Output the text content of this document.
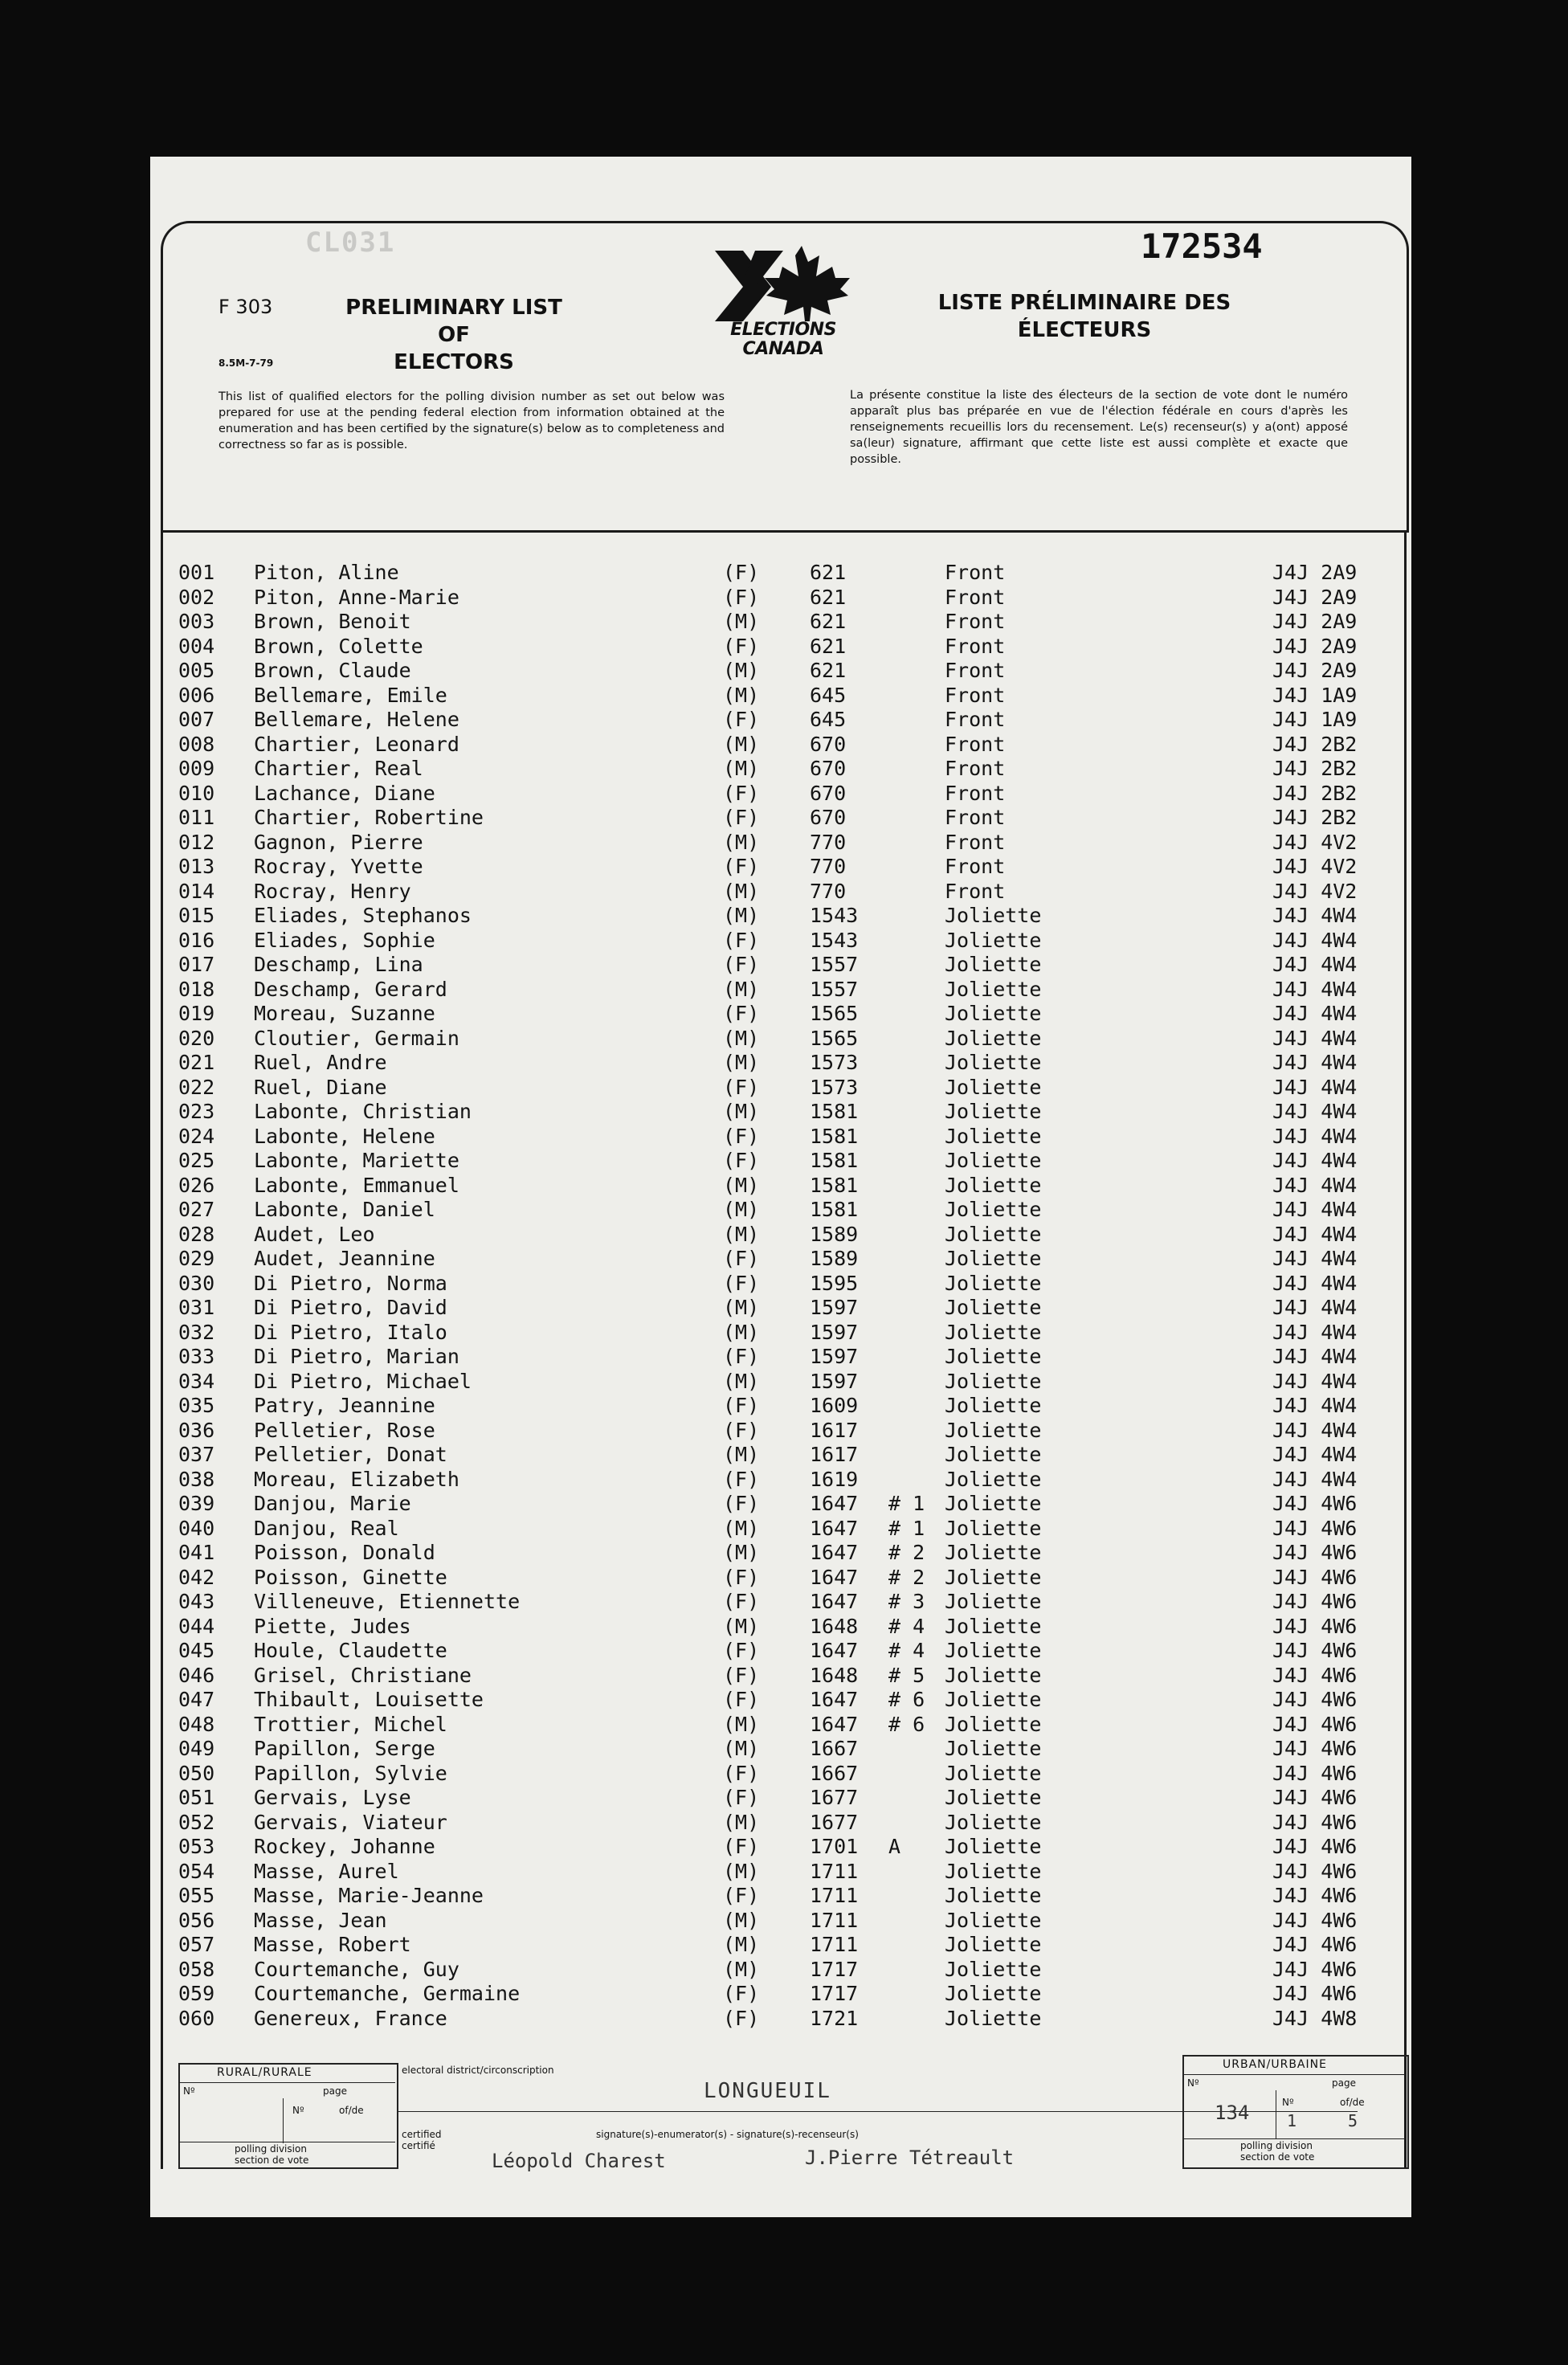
CL031	172534
F 303
8.5M-7-79
PRELIMINARY LIST OF
ELECTORS
ELECTIONS
CANADA
LISTE PRÉLIMINAIRE DES
ÉLECTEURS

This list of qualified electors for the polling division number as set out below was prepared for use at the pending federal election from information obtained at the enumeration and has been certified by the signature(s) below as to completeness and correctness so far as is possible.

La présente constitue la liste des électeurs de la section de vote dont le numéro apparaît plus bas préparée en vue de l'élection fédérale en cours d'après les renseignements recueillis lors du recensement. Le(s) recenseur(s) y a(ont) apposé sa(leur) signature, affirmant que cette liste est aussi complète et exacte que possible.

001 Piton, Aline	(F)	621	Front	J4J 2A9
002 Piton, Anne-Marie	(F)	621	Front	J4J 2A9
003 Brown, Benoit	(M)	621	Front	J4J 2A9
004 Brown, Colette	(F)	621	Front	J4J 2A9
005 Brown, Claude	(M)	621	Front	J4J 2A9
006 Bellemare, Emile	(M)	645	Front	J4J 1A9
007 Bellemare, Helene	(F)	645	Front	J4J 1A9
008 Chartier, Leonard	(M)	670	Front	J4J 2B2
009 Chartier, Real	(M)	670	Front	J4J 2B2
010 Lachance, Diane	(F)	670	Front	J4J 2B2
011 Chartier, Robertine	(F)	670	Front	J4J 2B2
012 Gagnon, Pierre	(M)	770	Front	J4J 4V2
013 Rocray, Yvette	(F)	770	Front	J4J 4V2
014 Rocray, Henry	(M)	770	Front	J4J 4V2
015 Eliades, Stephanos	(M)	1543	Joliette	J4J 4W4
016 Eliades, Sophie	(F)	1543	Joliette	J4J 4W4
017 Deschamp, Lina	(F)	1557	Joliette	J4J 4W4
018 Deschamp, Gerard	(M)	1557	Joliette	J4J 4W4
019 Moreau, Suzanne	(F)	1565	Joliette	J4J 4W4
020 Cloutier, Germain	(M)	1565	Joliette	J4J 4W4
021 Ruel, Andre	(M)	1573	Joliette	J4J 4W4
022 Ruel, Diane	(F)	1573	Joliette	J4J 4W4
023 Labonte, Christian	(M)	1581	Joliette	J4J 4W4
024 Labonte, Helene	(F)	1581	Joliette	J4J 4W4
025 Labonte, Mariette	(F)	1581	Joliette	J4J 4W4
026 Labonte, Emmanuel	(M)	1581	Joliette	J4J 4W4
027 Labonte, Daniel	(M)	1581	Joliette	J4J 4W4
028 Audet, Leo	(M)	1589	Joliette	J4J 4W4
029 Audet, Jeannine	(F)	1589	Joliette	J4J 4W4
030 Di Pietro, Norma	(F)	1595	Joliette	J4J 4W4
031 Di Pietro, David	(M)	1597	Joliette	J4J 4W4
032 Di Pietro, Italo	(M)	1597	Joliette	J4J 4W4
033 Di Pietro, Marian	(F)	1597	Joliette	J4J 4W4
034 Di Pietro, Michael	(M)	1597	Joliette	J4J 4W4
035 Patry, Jeannine	(F)	1609	Joliette	J4J 4W4
036 Pelletier, Rose	(F)	1617	Joliette	J4J 4W4
037 Pelletier, Donat	(M)	1617	Joliette	J4J 4W4
038 Moreau, Elizabeth	(F)	1619	Joliette	J4J 4W4
039 Danjou, Marie	(F)	1647 # 1 Joliette	J4J 4W6
040 Danjou, Real	(M)	1647 # 1 Joliette	J4J 4W6
041 Poisson, Donald	(M)	1647 # 2 Joliette	J4J 4W6
042 Poisson, Ginette	(F)	1647 # 2 Joliette	J4J 4W6
043 Villeneuve, Etiennette	(F)	1647 # 3 Joliette	J4J 4W6
044 Piette, Judes	(M)	1648 # 4 Joliette	J4J 4W6
045 Houle, Claudette	(F)	1647 # 4 Joliette	J4J 4W6
046 Grisel, Christiane	(F)	1648 # 5 Joliette	J4J 4W6
047 Thibault, Louisette	(F)	1647 # 6 Joliette	J4J 4W6
048 Trottier, Michel	(M)	1647 # 6 Joliette	J4J 4W6
049 Papillon, Serge	(M)	1667	Joliette	J4J 4W6
050 Papillon, Sylvie	(F)	1667	Joliette	J4J 4W6
051 Gervais, Lyse	(F)	1677	Joliette	J4J 4W6
052 Gervais, Viateur	(M)	1677	Joliette	J4J 4W6
053 Rockey, Johanne	(F)	1701 A Joliette	J4J 4W6
054 Masse, Aurel	(M)	1711	Joliette	J4J 4W6
055 Masse, Marie-Jeanne	(F)	1711	Joliette	J4J 4W6
056 Masse, Jean	(M)	1711	Joliette	J4J 4W6
057 Masse, Robert	(M)	1711	Joliette	J4J 4W6
058 Courtemanche, Guy	(M)	1717	Joliette	J4J 4W6
059 Courtemanche, Germaine	(F)	1717	Joliette	J4J 4W6
060 Genereux, France	(F)	1721	Joliette	J4J 4W8
RURAL/RURALE
Nº	page
Nº	of/de
polling division
section de vote
electoral district/circonscription
LONGUEUIL
certified
certifié
signature(s)-enumerator(s) - signature(s)-recenseur(s)
Léopold Charest	J.Pierre Tétreault
URBAN/URBAINE
Nº	page
134	Nº
1
of/de
5
polling division
section de vote
